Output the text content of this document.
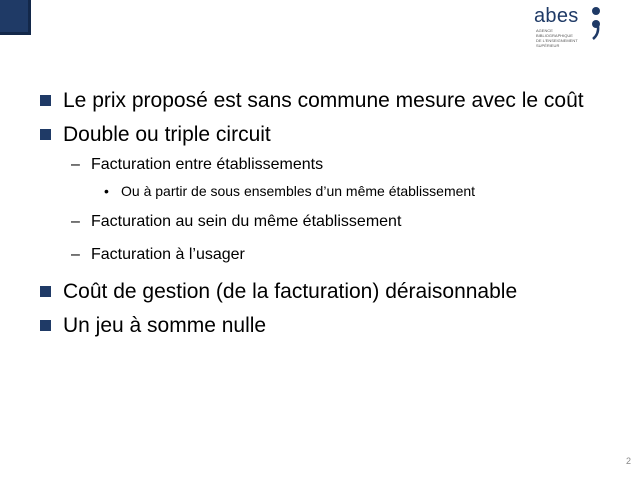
abes
AGENCE BIBLIOGRAPHIQUE
DE L'ENSEIGNEMENT SUPÉRIEUR
Le prix proposé est sans commune mesure avec le coût
Double ou triple circuit
– Facturation entre établissements
• Ou à partir de sous ensembles d’un même établissement
– Facturation au sein du même établissement
– Facturation à l’usager
Coût de gestion (de la facturation) déraisonnable
Un jeu à somme nulle
2
